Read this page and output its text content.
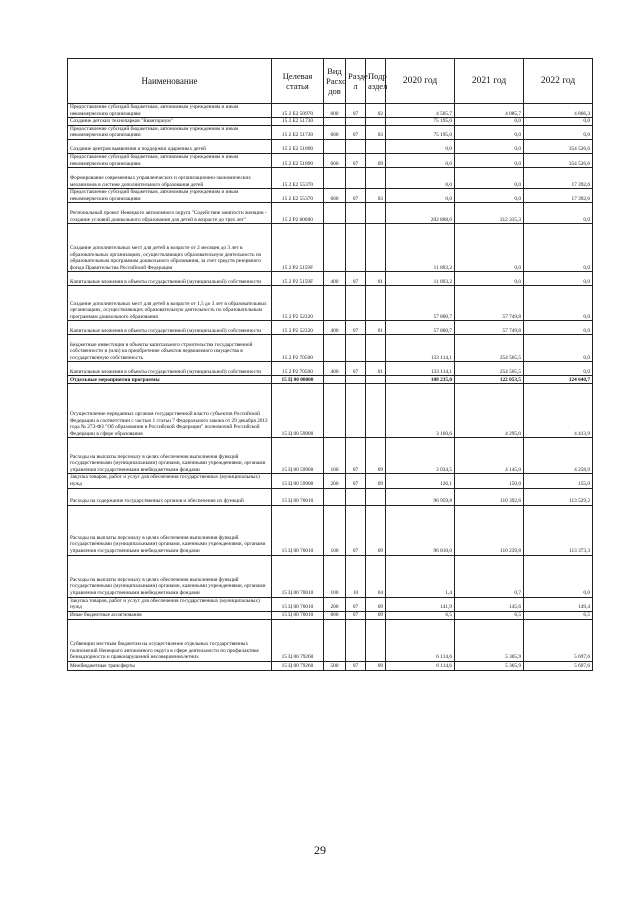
Наименование	Целевая статья	Вид Расхо дов	Разде л	Подр аздел	2020 год	2021 год	2022 год
Предоставление субсидий бюджетным, автономным учреждениям и иным некоммерческим организациям	15 2 E2 50970	600	07	02	4 505,7	4 085,7	4 866,3
Создание детских технопарков "Кванториум"	15 2 E2 51730				75 195,0	0,0	0,0
Предоставление субсидий бюджетным, автономным учреждениям и иным некоммерческим организациям	15 2 E2 51730	600	07	03	75 195,0	0,0	0,0
Создание центров выявления и поддержки одаренных детей	15 2 E2 51890				0,0	0,0	354 526,6
Предоставление субсидий бюджетным, автономным учреждениям и иным некоммерческим организациям	15 2 E2 51890	600	07	09	0,0	0,0	354 526,6
Формирование современных управленческих и организационно-экономических механизмов в системе дополнительного образования детей	15 2 E2 55370				0,0	0,0	17 392,6
Предоставление субсидий бюджетным, автономным учреждениям и иным некоммерческим организациям	15 2 E2 55370	600	07	03	0,0	0,0	17 392,6
Региональный проект Ненецкого автономного округа "Содействие занятости женщин - создание условий дошкольного образования для детей в возрасте до трех лет"	15 2 P2 00000				202 868,0	312 315,3	0,0
Создание дополнительных мест для детей в возрасте от 2 месяцев до 3 лет в образовательных организациях, осуществляющих образовательную деятельность по образовательным программам дошкольного образования, за счет средств резервного фонда Правительства Российской Федерации	15 2 P2 5159F				11 893,2	0,0	0,0
Капитальные вложения в объекты государственной (муниципальной) собственности	15 2 P2 5159F	400	07	01	11 893,2	0,0	0,0
Создание дополнительных мест для детей в возрасте от 1,5 до 3 лет в образовательных организациях, осуществляющих образовательную деятельность по образовательным программам дошкольного образования	15 2 P2 52320				57 860,7	57 749,8	0,0
Капитальные вложения в объекты государственной (муниципальной) собственности	15 2 P2 52320	400	07	01	57 860,7	57 749,8	0,0
Бюджетные инвестиции в объекты капитального строительства государственной собственности и (или) на приобретение объектов недвижимого имущества в государственную собственность	15 2 P2 70500				133 114,1	254 565,5	0,0
Капитальные вложения в объекты государственной (муниципальной) собственности	15 2 P2 70500	400	07	01	133 114,1	254 565,5	0,0
Отдельные мероприятия программы	15 Ц 00 00000				108 235,0	122 053,5	124 640,7
Осуществление переданных органам государственной власти субъектов Российской Федерации в соответствии с частью 1 статьи 7 Федерального закона от 29 декабря 2012 года № 273-ФЗ "Об образовании в Российской Федерации" полномочий Российской Федерации в сфере образования	15 Ц 00 59900				3 160,6	4 295,0	4 413,9
Расходы на выплаты персоналу в целях обеспечения выполнения функций государственными (муниципальными) органами, казенными учреждениями, органами управления государственными внебюджетными фондами	15 Ц 00 59900	100	07	09	3 034,5	4 145,0	4 258,9
Закупка товаров, работ и услуг для обеспечения государственных (муниципальных) нужд	15 Ц 00 59900	200	07	09	126,1	150,0	155,0
Расходы на содержание государственных органов и обеспечение их функций	15 Ц 00 70010				96 959,8	110 392,6	113 529,2
Расходы на выплаты персоналу в целях обеспечения выполнения функций государственными (муниципальными) органами, казенными учреждениями, органами управления государственными внебюджетными фондами	15 Ц 00 70010	100	07	09	96 810,0	110 239,8	113 373,3
Расходы на выплаты персоналу в целях обеспечения выполнения функций государственными (муниципальными) органами, казенными учреждениями, органами управления государственными внебюджетными фондами	15 Ц 00 70010	100	10	04	1,4	0,7	0,0
Закупка товаров, работ и услуг для обеспечения государственных (муниципальных) нужд	15 Ц 00 70010	200	07	09	141,9	145,6	149,4
Иные бюджетные ассигнования	15 Ц 00 70010	800	07	09	6,5	6,5	6,5
Субвенции местным бюджетам на осуществление отдельных государственных полномочий Ненецкого автономного округа в сфере деятельности по профилактике безнадзорности и правонарушений несовершеннолетних	15 Ц 00 79260				6 114,6	5 365,9	5 697,6
Межбюджетные трансферты	15 Ц 00 79260	500	07	09	6 114,6	5 365,9	5 697,6
29
